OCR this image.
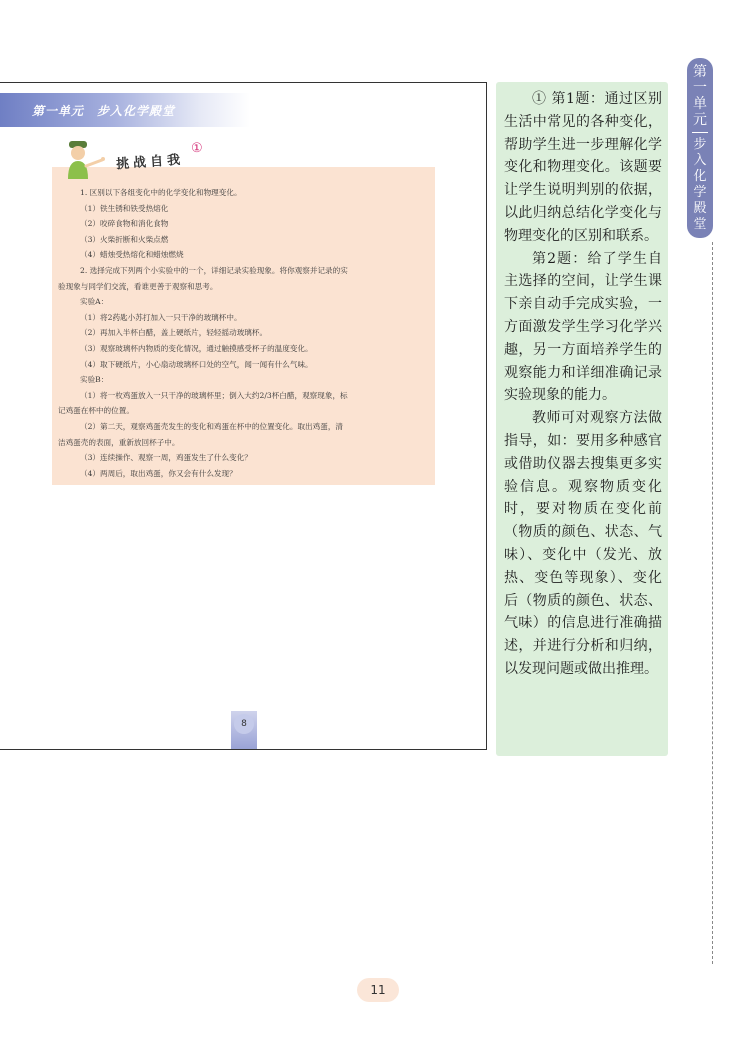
第一单元　步入化学殿堂
1. 区别以下各组变化中的化学变化和物理变化。
（1）铁生锈和铁受热熔化
（2）咬碎食物和消化食物
（3）火柴折断和火柴点燃
（4）蜡烛受热熔化和蜡烛燃烧
2. 选择完成下列两个小实验中的一个，详细记录实验现象。将你观察并记录的实
验现象与同学们交流，看谁更善于观察和思考。
实验A：
（1）将2药匙小苏打加入一只干净的玻璃杯中。
（2）再加入半杯白醋，盖上硬纸片，轻轻摇动玻璃杯。
（3）观察玻璃杯内物质的变化情况，通过触摸感受杯子的温度变化。
（4）取下硬纸片，小心扇动玻璃杯口处的空气，闻一闻有什么气味。
实验B：
（1）将一枚鸡蛋放入一只干净的玻璃杯里；倒入大约2/3杯白醋，观察现象，标
记鸡蛋在杯中的位置。
（2）第二天，观察鸡蛋壳发生的变化和鸡蛋在杯中的位置变化。取出鸡蛋，清
洁鸡蛋壳的表面，重新放回杯子中。
（3）连续操作、观察一周，鸡蛋发生了什么变化？
（4）两周后，取出鸡蛋，你又会有什么发现？
挑战自我
①
8

① 第1题：通过区别生活中常见的各种变化，帮助学生进一步理解化学变化和物理变化。该题要让学生说明判别的依据，以此归纳总结化学变化与物理变化的区别和联系。

第2题：给了学生自主选择的空间，让学生课下亲自动手完成实验，一方面激发学生学习化学兴趣，另一方面培养学生的观察能力和详细准确记录实验现象的能力。

教师可对观察方法做指导，如：要用多种感官或借助仪器去搜集更多实验信息。观察物质变化时，要对物质在变化前（物质的颜色、状态、气味）、变化中（发光、放热、变色等现象）、变化后（物质的颜色、状态、气味）的信息进行准确描述，并进行分析和归纳，以发现问题或做出推理。

第
一
单
元
步
入
化
学
殿
堂
11
